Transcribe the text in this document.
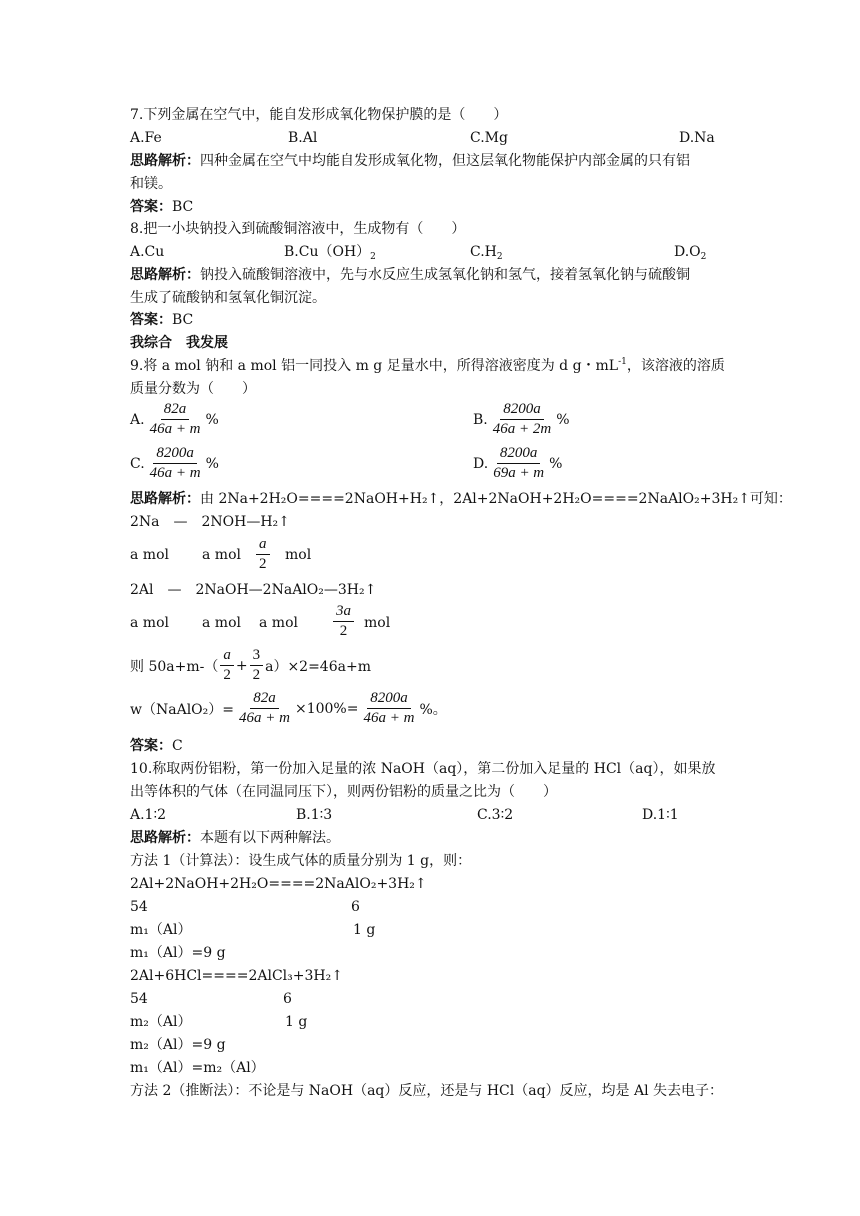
7.下列金属在空气中，能自发形成氧化物保护膜的是（　　）
A.Fe	B.Al	C.Mg	D.Na
思路解析：四种金属在空气中均能自发形成氧化物，但这层氧化物能保护内部金属的只有铝
和镁。
答案：BC
8.把一小块钠投入到硫酸铜溶液中，生成物有（　　）
A.Cu	$B.Cu(OH)_2$	$C.H_2$	$D.O_2$
思路解析：钠投入硫酸铜溶液中，先与水反应生成氢氧化钠和氢气，接着氢氧化钠与硫酸铜
生成了硫酸钠和氢氧化铜沉淀。
答案：BC
我综合　我发展
9.将 a mol 钠和 a mol 铝一同投入 m g 足量水中，所得溶液密度为 d g・$mL^{-1}$，该溶液的溶质
质量分数为（　　）
A. $\frac{82a}{46a + m}$ %	B. $\frac{8200a}{46a + 2m}$ %
C. $\frac{8200a}{46a + m}$ %	D. $\frac{8200a}{69a + m}$ %
思路解析：由 2Na+2H₂O====2NaOH+H₂↑，2Al+2NaOH+2H₂O====2NaAlO₂+3H₂↑可知：
2Na　—　2NOH—H₂↑
a mol a mol $\frac{a}{2}$ mol
2Al　—　2NaOH—2NaAlO₂—3H₂↑
a mol a mol a mol $\frac{3a}{2}$ mol
则 $50a+m-( \frac{a}{2} + \frac{3}{2} a)\times 2=46a+m$
w（NaAlO₂）= $\frac{82a}{46a + m} \times 100\%= \frac{8200a}{46a + m}$ %。
答案：C
10.称取两份铝粉，第一份加入足量的浓 NaOH（aq），第二份加入足量的 HCl（aq），如果放
出等体积的气体（在同温同压下），则两份铝粉的质量之比为（　　）
A.1∶2	B.1∶3	C.3∶2	D.1∶1
思路解析：本题有以下两种解法。
方法 1（计算法）：设生成气体的质量分别为 1 g，则：
2Al+2NaOH+2H₂O====2NaAlO₂+3H₂↑
54	6
m₁（Al）	1 g
m₁（Al）=9 g
2Al+6HCl====2AlCl₃+3H₂↑
54	6
m₂（Al）	1 g
m₂（Al）=9 g
m₁（Al）=m₂（Al）
方法 2（推断法）：不论是与 NaOH（aq）反应，还是与 HCl（aq）反应，均是 Al 失去电子：
